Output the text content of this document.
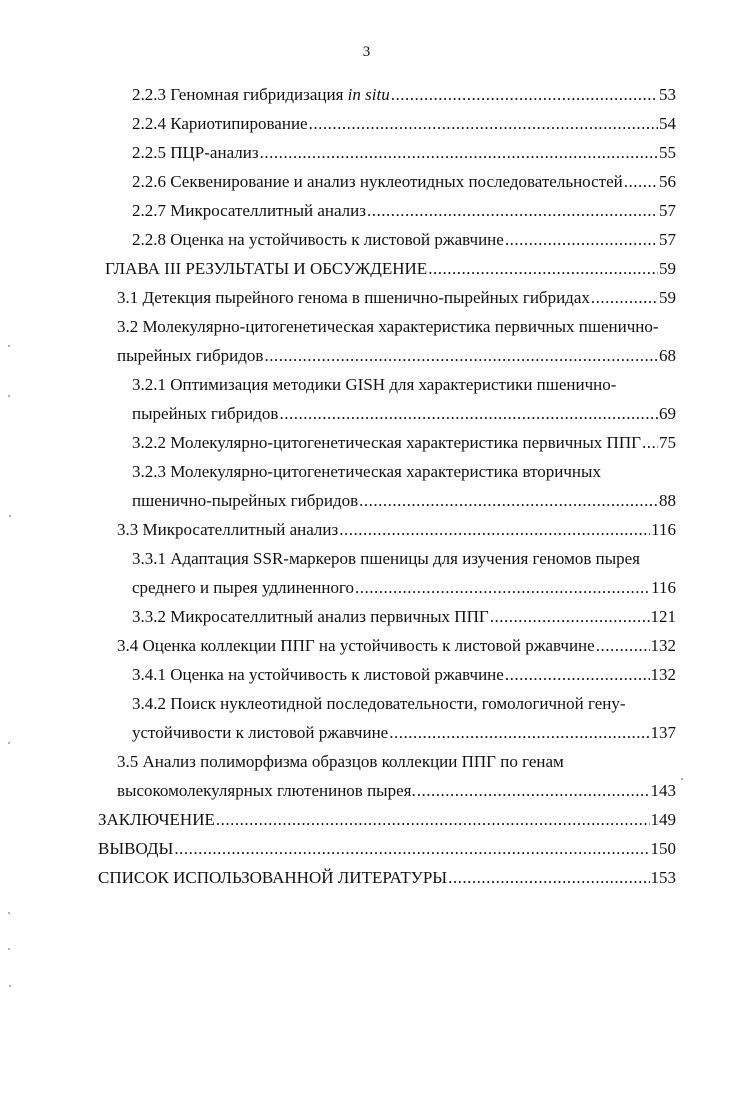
3
2.2.3 Геномная гибридизация in situ .....	53
2.2.4 Кариотипирование .....	54
2.2.5 ПЦР-анализ .....	55
2.2.6 Секвенирование и анализ нуклеотидных последовательностей ..... 56
2.2.7 Микросателлитный анализ .....	57
2.2.8 Оценка на устойчивость к листовой ржавчине .....	57
ГЛАВА III РЕЗУЛЬТАТЫ И ОБСУЖДЕНИЕ .....	59
3.1 Детекция пырейного генома в пшенично-пырейных гибридах .....	59
3.2 Молекулярно-цитогенетическая характеристика первичных пшенично-
пырейных гибридов .....	68
3.2.1 Оптимизация методики GISH для характеристики пшенично-
пырейных гибридов .....	69
3.2.2 Молекулярно-цитогенетическая характеристика первичных ППГ ..... 75
3.2.3 Молекулярно-цитогенетическая характеристика вторичных
пшенично-пырейных гибридов .....	88
3.3 Микросателлитный анализ .....	116
3.3.1 Адаптация SSR-маркеров пшеницы для изучения геномов пырея
среднего и пырея удлиненного .....	116
3.3.2 Микросателлитный анализ первичных ППГ .....	121
3.4 Оценка коллекции ППГ на устойчивость к листовой ржавчине .....	132
3.4.1 Оценка на устойчивость к листовой ржавчине .....	132
3.4.2 Поиск нуклеотидной последовательности, гомологичной гену-
устойчивости к листовой ржавчине .....	137
3.5 Анализ полиморфизма образцов коллекции ППГ по генам
высокомолекулярных глютенинов пырея. .....	143
ЗАКЛЮЧЕНИЕ .....	149
ВЫВОДЫ .....	150
СПИСОК ИСПОЛЬЗОВАННОЙ ЛИТЕРАТУРЫ .....	153
